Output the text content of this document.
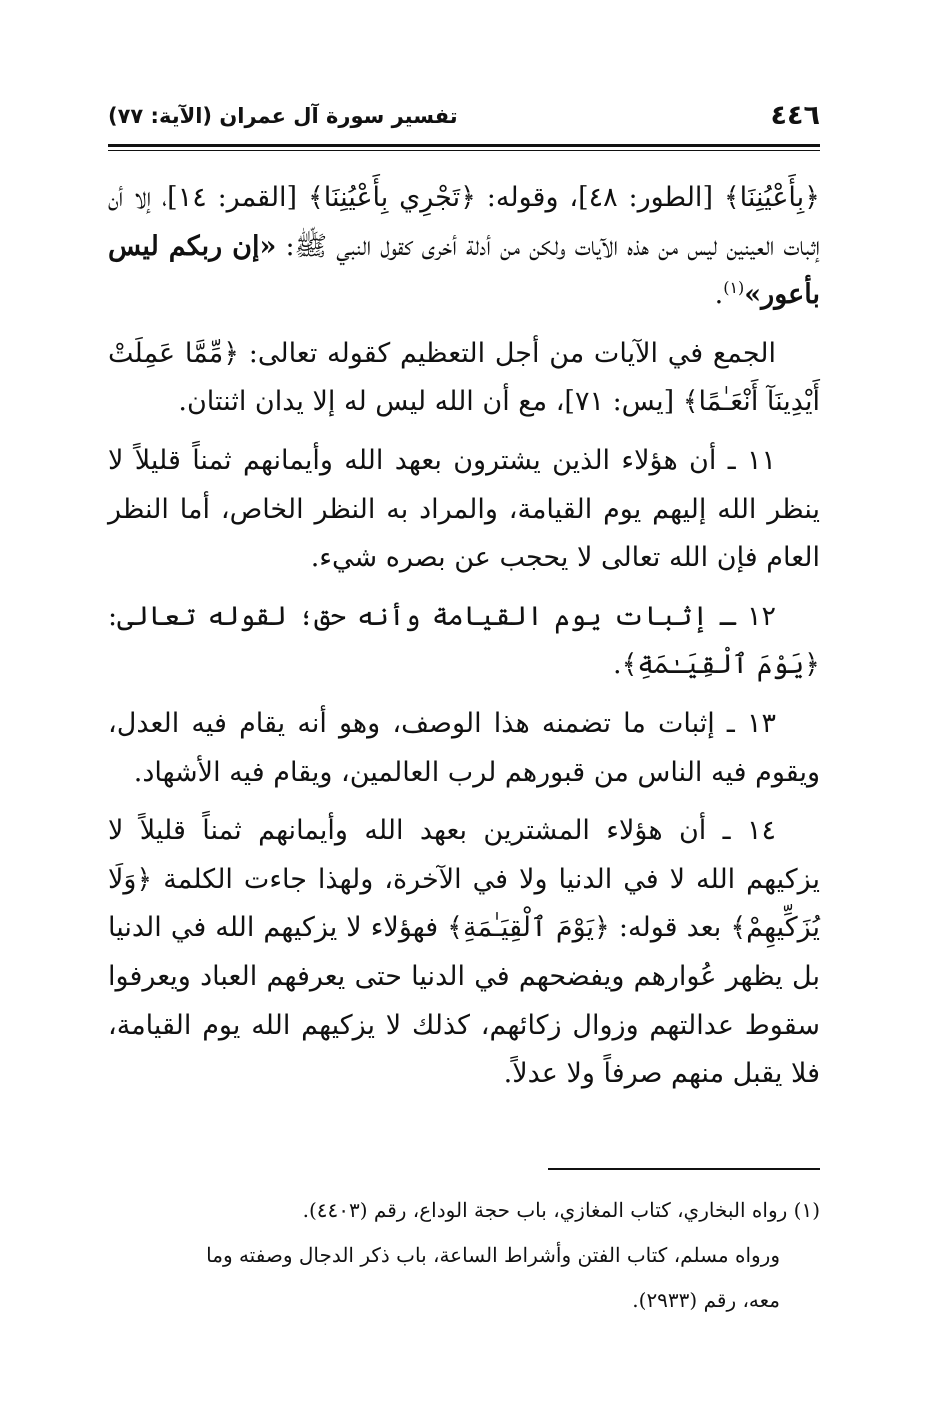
٤٤٦
تفسير سورة آل عمران (الآية: ٧٧)

﴿بِأَعْيُنِنَا﴾ [الطور: ٤٨]، وقوله: ﴿تَجْرِي بِأَعْيُنِنَا﴾ [القمر: ١٤]، إلا أن إثبات العينين ليس من هذه الآيات ولكن من أدلة أخرى كقول النبي ﷺ: «إن ربكم ليس بأعور»$^{(١)}$.

الجمع في الآيات من أجل التعظيم كقوله تعالى: ﴿مِّمَّا عَمِلَتْ أَيْدِينَآ أَنْعَـٰمًا﴾ [يس: ٧١]، مع أن الله ليس له إلا يدان اثنتان.

١١ ـ أن هؤلاء الذين يشترون بعهد الله وأيمانهم ثمناً قليلاً لا ينظر الله إليهم يوم القيامة، والمراد به النظر الخاص، أما النظر العام فإن الله تعالى لا يحجب عن بصره شيء.

١٢ ـ إثبات يوم القيامة وأنه حق؛ لقوله تعالى: ﴿يَوْمَ ٱلْقِيَـٰمَةِ﴾.

١٣ ـ إثبات ما تضمنه هذا الوصف، وهو أنه يقام فيه العدل، ويقوم فيه الناس من قبورهم لرب العالمين، ويقام فيه الأشهاد.

١٤ ـ أن هؤلاء المشترين بعهد الله وأيمانهم ثمناً قليلاً لا يزكيهم الله لا في الدنيا ولا في الآخرة، ولهذا جاءت الكلمة ﴿وَلَا يُزَكِّيهِمْ﴾ بعد قوله: ﴿يَوْمَ ٱلْقِيَـٰمَةِ﴾ فهؤلاء لا يزكيهم الله في الدنيا بل يظهر عُوارهم ويفضحهم في الدنيا حتى يعرفهم العباد ويعرفوا سقوط عدالتهم وزوال زكائهم، كذلك لا يزكيهم الله يوم القيامة، فلا يقبل منهم صرفاً ولا عدلاً.

(١) رواه البخاري، كتاب المغازي، باب حجة الوداع، رقم (٤٤٠٣).

ورواه مسلم، كتاب الفتن وأشراط الساعة، باب ذكر الدجال وصفته وما

معه، رقم (٢٩٣٣).
